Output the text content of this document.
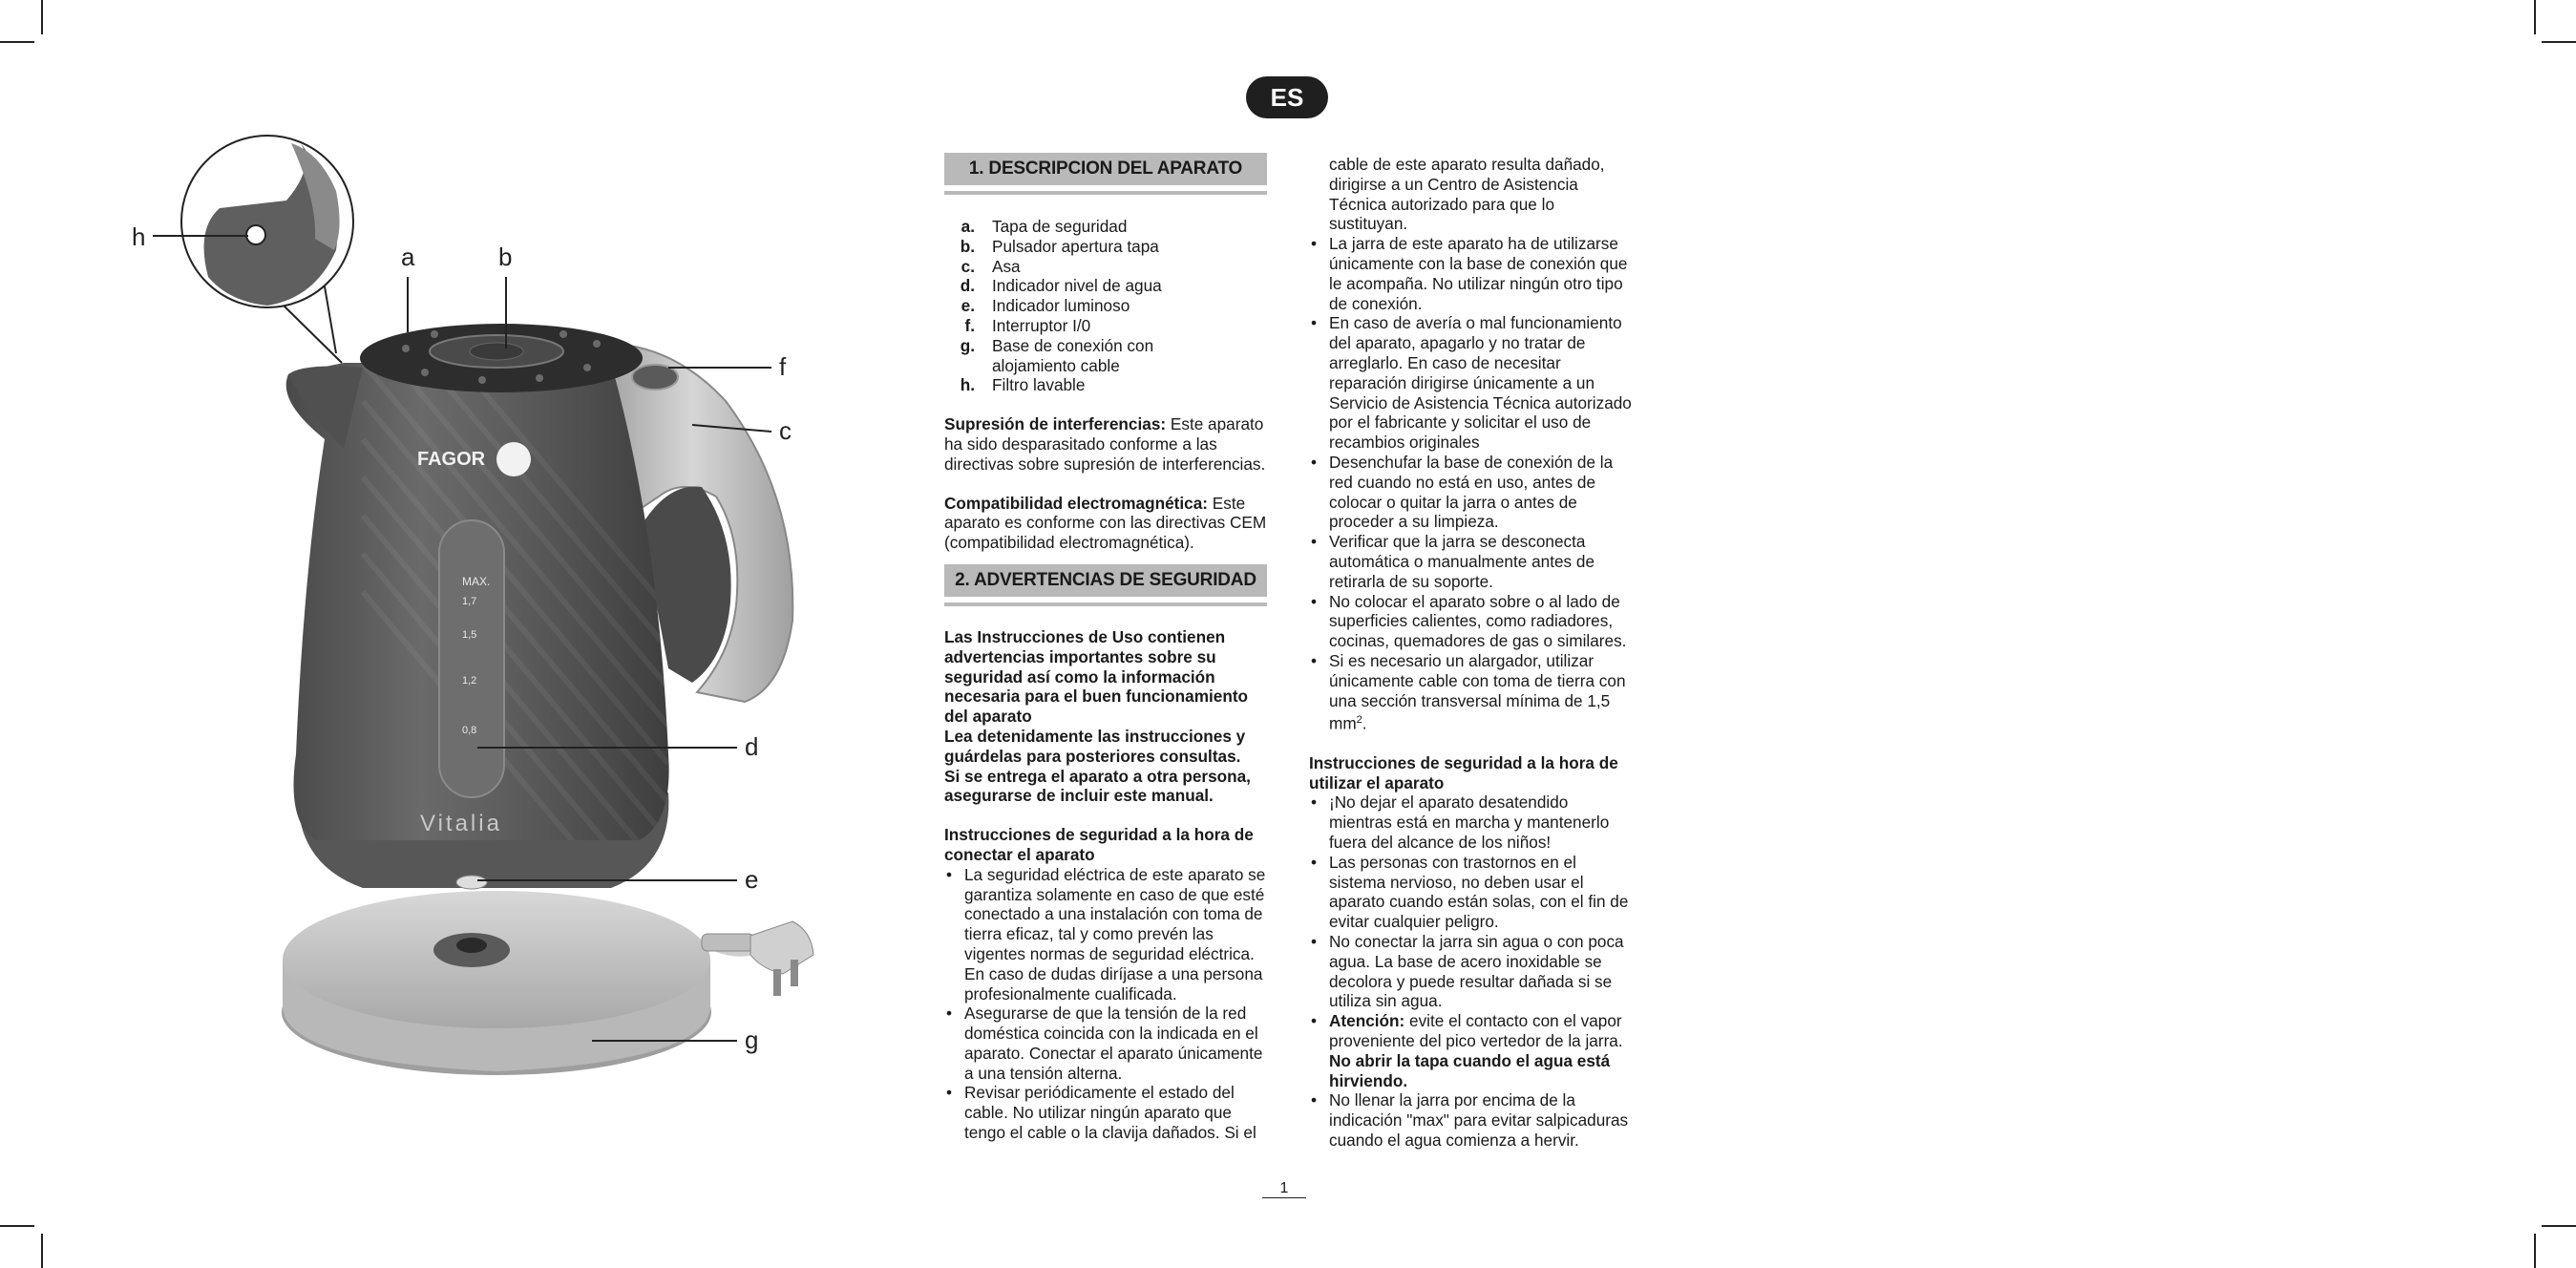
MAX.
1,7
1,5
1,2
0,8
FAGOR
Vitalia
h
a	b
f
c
d
e
g
ES
1. DESCRIPCION DEL APARATO
a.	Tapa de seguridad
b.	Pulsador apertura tapa
c.	Asa
d.	Indicador nivel de agua
e.	Indicador luminoso
f.	Interruptor I/0
g.	Base de conexión con alojamiento cable
h.	Filtro lavable
Supresión de interferencias: Este aparato ha sido desparasitado conforme a las directivas sobre supresión de interferencias.
Compatibilidad electromagnética: Este aparato es conforme con las directivas CEM (compatibilidad electromagnética).
2. ADVERTENCIAS DE SEGURIDAD
Las Instrucciones de Uso contienen advertencias importantes sobre su seguridad así como la información necesaria para el buen funcionamiento del aparato
Lea detenidamente las instrucciones y guárdelas para posteriores consultas.
Si se entrega el aparato a otra persona, asegurarse de incluir este manual.
Instrucciones de seguridad a la hora de conectar el aparato
• La seguridad eléctrica de este aparato se garantiza solamente en caso de que esté conectado a una instalación con toma de tierra eficaz, tal y como prevén las vigentes normas de seguridad eléctrica. En caso de dudas diríjase a una persona profesionalmente cualificada.
• Asegurarse de que la tensión de la red doméstica coincida con la indicada en el aparato. Conectar el aparato únicamente a una tensión alterna.
• Revisar periódicamente el estado del cable. No utilizar ningún aparato que tengo el cable o la clavija dañados. Si el
cable de este aparato resulta dañado, dirigirse a un Centro de Asistencia Técnica autorizado para que lo sustituyan.
• La jarra de este aparato ha de utilizarse únicamente con la base de conexión que le acompaña. No utilizar ningún otro tipo de conexión.
• En caso de avería o mal funcionamiento del aparato, apagarlo y no tratar de arreglarlo. En caso de necesitar reparación dirigirse únicamente a un Servicio de Asistencia Técnica autorizado por el fabricante y solicitar el uso de recambios originales
• Desenchufar la base de conexión de la red cuando no está en uso, antes de colocar o quitar la jarra o antes de proceder a su limpieza.
• Verificar que la jarra se desconecta automática o manualmente antes de retirarla de su soporte.
• No colocar el aparato sobre o al lado de superficies calientes, como radiadores, cocinas, quemadores de gas o similares.
• Si es necesario un alargador, utilizar únicamente cable con toma de tierra con una sección transversal mínima de 1,5 $mm^2$.
Instrucciones de seguridad a la hora de utilizar el aparato
• ¡No dejar el aparato desatendido mientras está en marcha y mantenerlo fuera del alcance de los niños!
• Las personas con trastornos en el sistema nervioso, no deben usar el aparato cuando están solas, con el fin de evitar cualquier peligro.
• No conectar la jarra sin agua o con poca agua. La base de acero inoxidable se decolora y puede resultar dañada si se utiliza sin agua.
• Atención: evite el contacto con el vapor proveniente del pico vertedor de la jarra. No abrir la tapa cuando el agua está hirviendo.
• No llenar la jarra por encima de la indicación "max" para evitar salpicaduras cuando el agua comienza a hervir.
1
